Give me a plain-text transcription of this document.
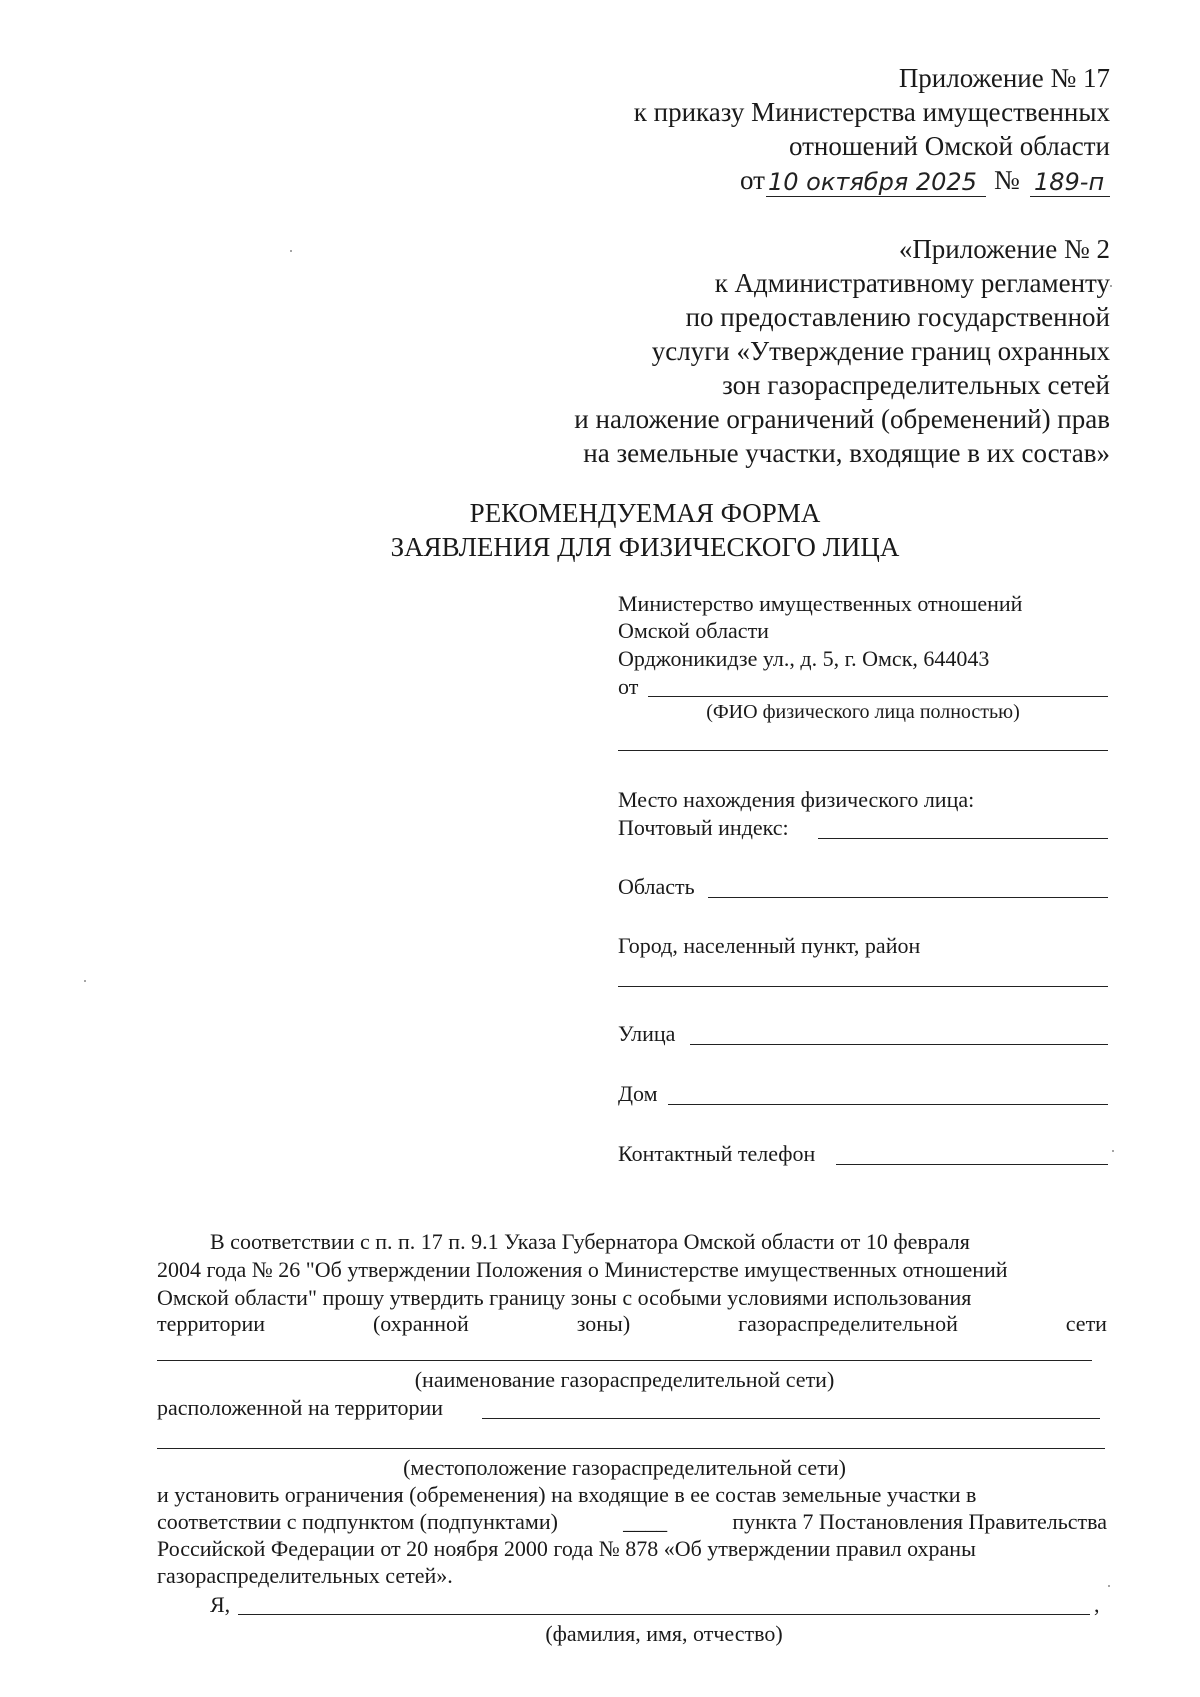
Приложение № 17
к приказу Министерства имущественных
отношений Омской области
от 10 октября 2025 № 189-п
«Приложение № 2
к Административному регламенту
по предоставлению государственной
услуги «Утверждение границ охранных
зон газораспределительных сетей
и наложение ограничений (обременений) прав
на земельные участки, входящие в их состав»
РЕКОМЕНДУЕМАЯ ФОРМА
ЗАЯВЛЕНИЯ ДЛЯ ФИЗИЧЕСКОГО ЛИЦА
Министерство имущественных отношений
Омской области
Орджоникидзе ул., д. 5, г. Омск, 644043
от
(ФИО физического лица полностью)
Место нахождения физического лица:
Почтовый индекс:
Область
Город, населенный пункт, район
Улица
Дом
Контактный телефон
В соответствии с п. п. 17 п. 9.1 Указа Губернатора Омской области от 10 февраля
2004 года № 26 "Об утверждении Положения о Министерстве имущественных отношений
Омской области" прошу утвердить границу зоны с особыми условиями использования
территории	(охранной	зоны)	газораспределительной	сети
(наименование газораспределительной сети)
расположенной на территории
(местоположение газораспределительной сети)
и установить ограничения (обременения) на входящие в ее состав земельные участки в
соответствии с подпунктом (подпунктами)	____	пункта 7 Постановления Правительства
Российской Федерации от 20 ноября 2000 года № 878 «Об утверждении правил охраны
газораспределительных сетей».
Я,	,
(фамилия, имя, отчество)
